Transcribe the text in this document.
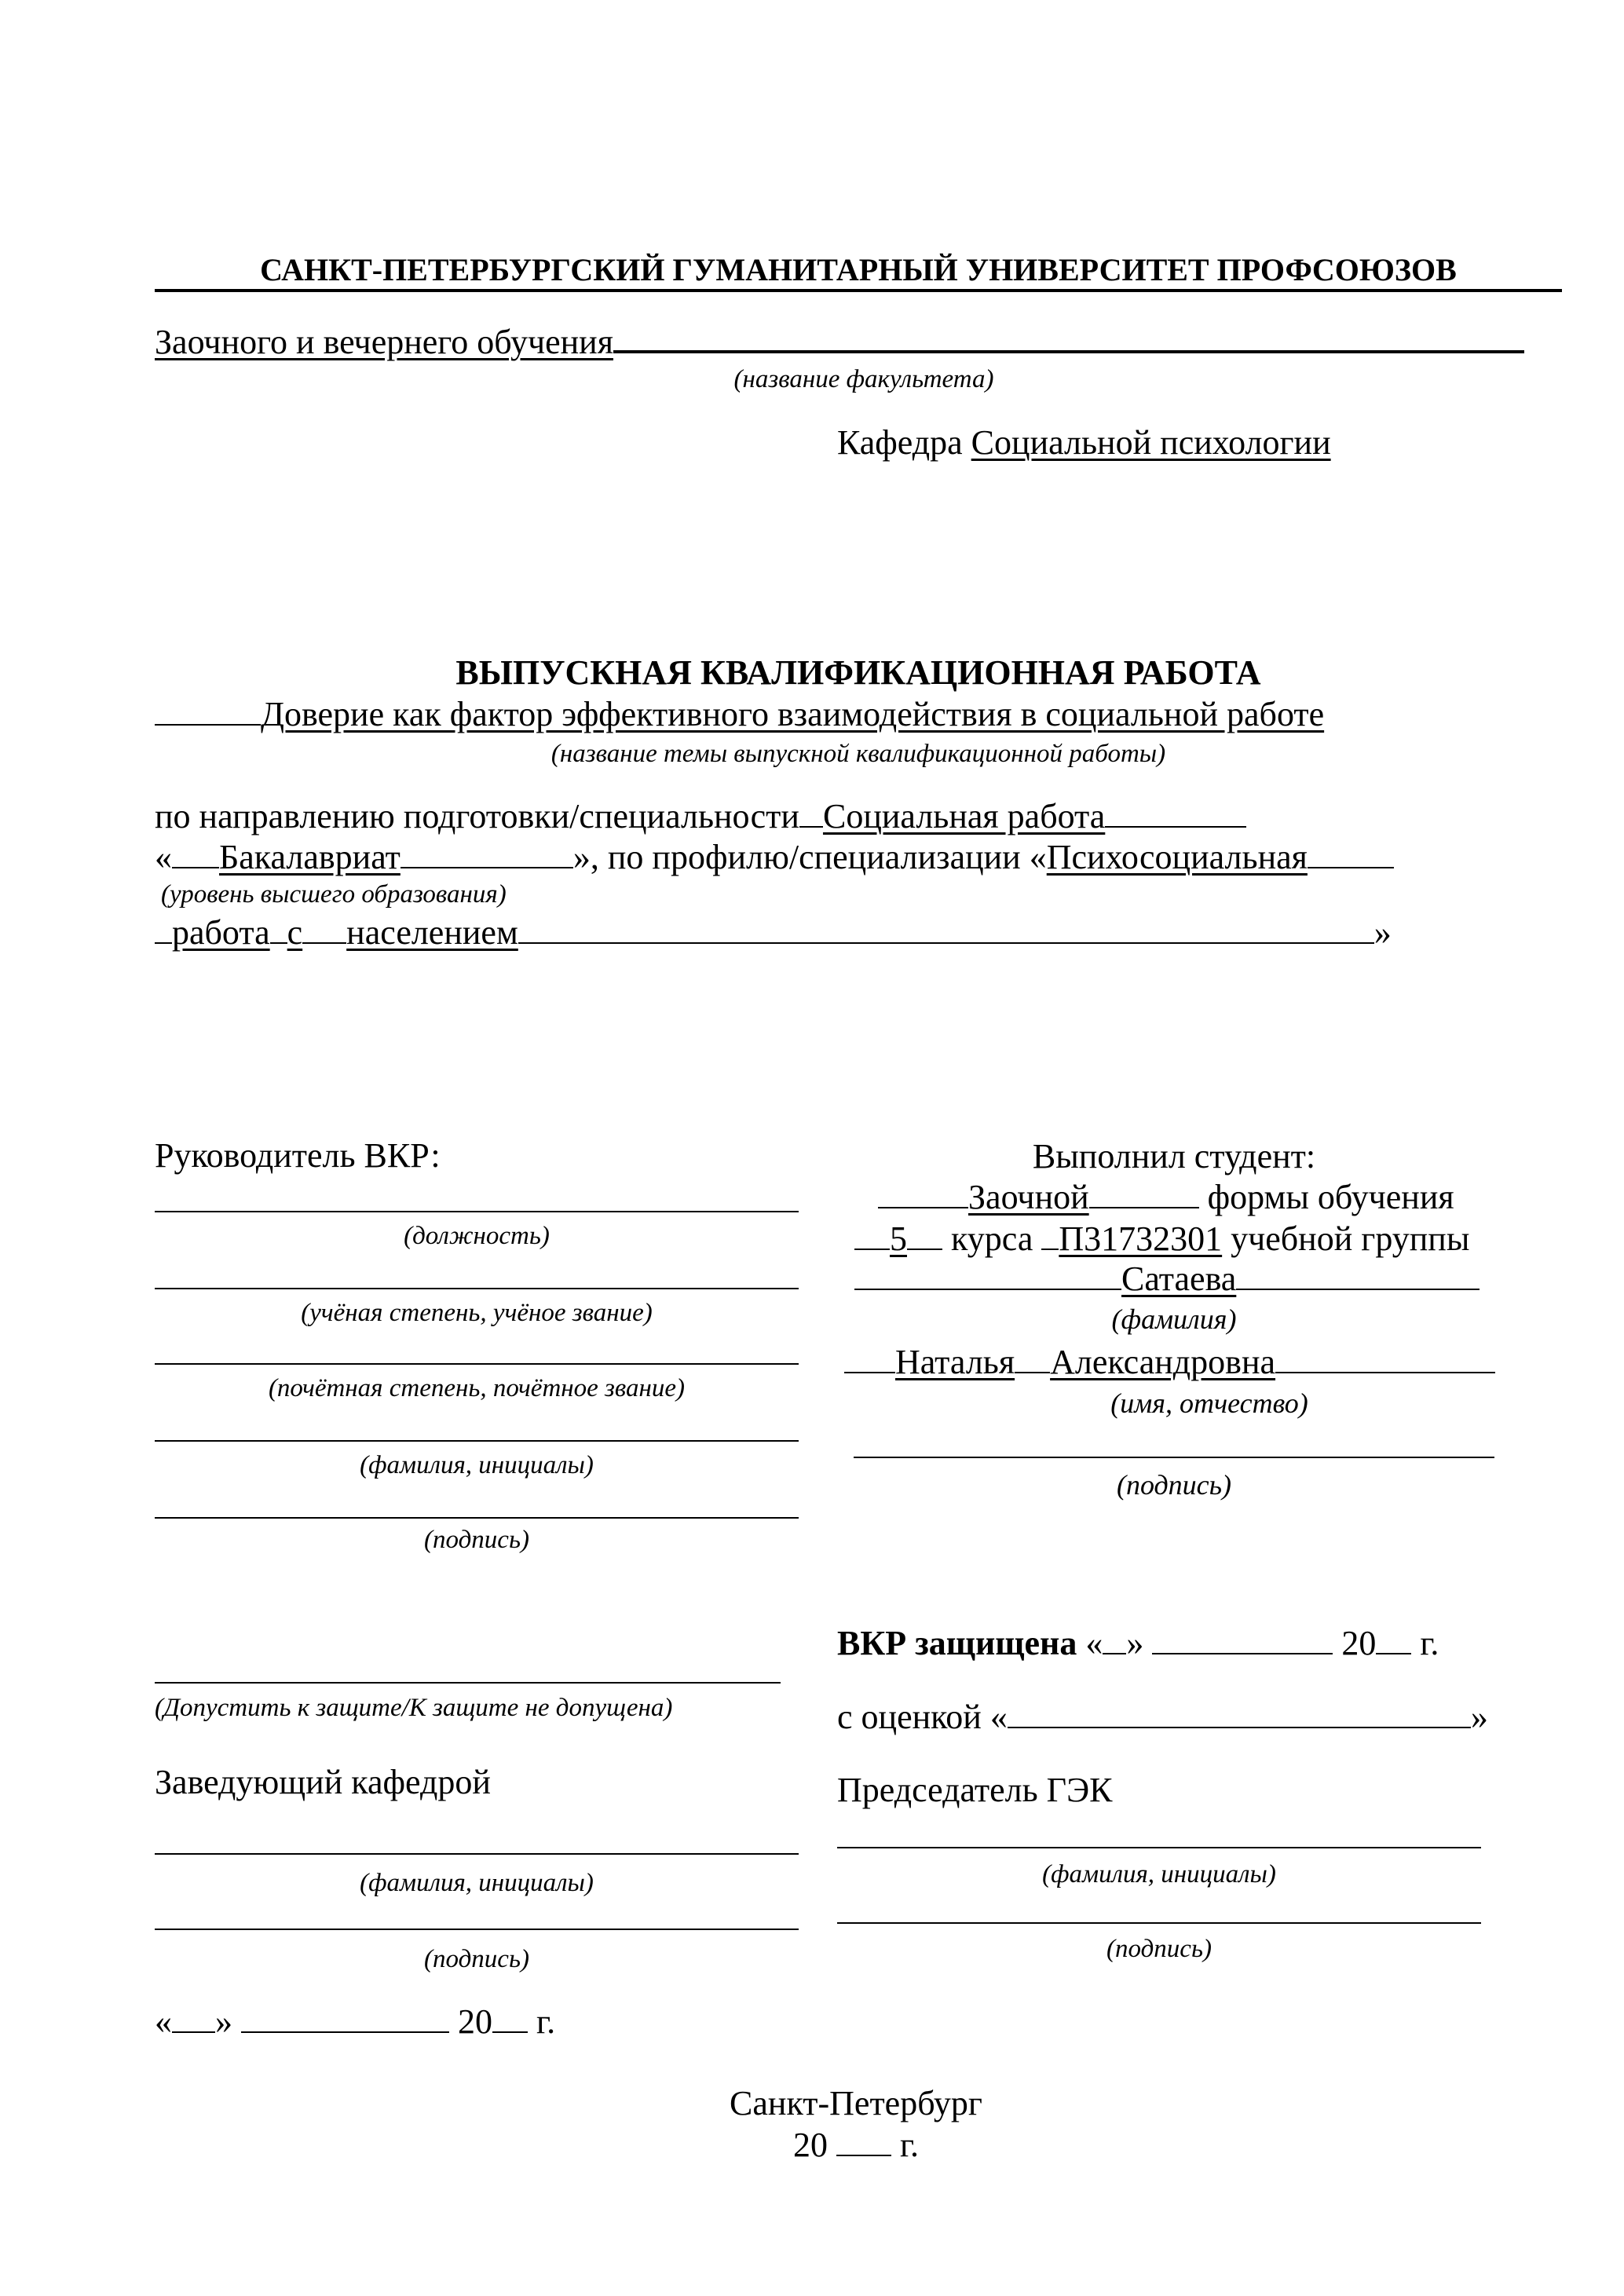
САНКТ-ПЕТЕРБУРГСКИЙ ГУМАНИТАРНЫЙ УНИВЕРСИТЕТ ПРОФСОЮЗОВ
Заочного и вечернего обучения
(название факультета)
Кафедра Социальной психологии
ВЫПУСКНАЯ КВАЛИФИКАЦИОННАЯ РАБОТА
Доверие как фактор эффективного взаимодействия в социальной работе
(название темы выпускной квалификационной работы)
по направлению подготовки/специальности Социальная работа
« Бакалавриат	», по профилю/специализации «Психосоциальная
(уровень высшего образования)
работа с населением	»
Руководитель ВКР:
(должность)
(учёная степень, учёное звание)
(почётная степень, почётное звание)
(фамилия, инициалы)
(подпись)
Выполнил студент:
Заочной	формы обучения
5 курса П31732301 учебной группы
Сатаева
(фамилия)
Наталья Александровна
(имя, отчество)
(подпись)
(Допустить к защите/К защите не допущена)
Заведующий кафедрой
(фамилия, инициалы)
(подпись)
« »	20 г.
ВКР защищена « »	20 г.
с оценкой «	»
Председатель ГЭК
(фамилия, инициалы)
(подпись)
Санкт-Петербург
20 г.
